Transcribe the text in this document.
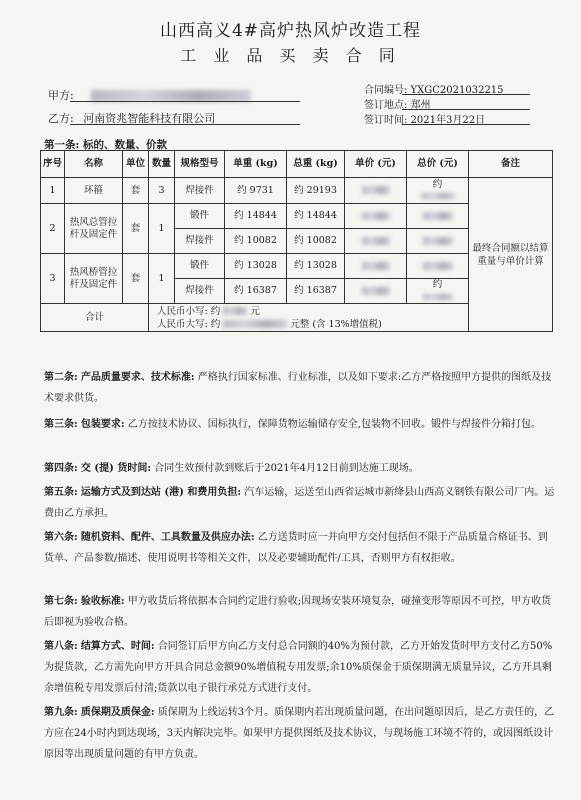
山西高义4#高炉热风炉改造工程
工 业 品 买 卖 合 同
甲方:
乙方: 河南资兆智能科技有限公司
合同编号: YXGC2021032215
签订地点: 郑州
签订时间: 2021年3月22日
第一条: 标的、数量、价款
序号	名称	单位	数量	规格型号	单重 (kg)	总重 (kg)	单价 (元)	总价 (元)	备注
1	环箍	套	3	焊接件	约 9731	约 29193		约	最终合同额以结算重量与单价计算
2	热风总管拉杆及固定件	套	1	锻件	约 14844	约 14844			
				焊接件	约 10082	约 10082			
3	热风桥管拉杆及固定件	套	1	锻件	约 13028	约 13028			
				焊接件	约 16387	约 16387		约	

合计			人民币小写: 约 元
人民币大写: 约 元整 (含 13%增值税)						
第二条: 产品质量要求、技术标准: 严格执行国家标准、行业标准，以及如下要求:乙方严格按照甲方提供的图纸及技术要求供货。
第三条: 包装要求: 乙方按技术协议、国标执行，保障货物运输储存安全,包装物不回收。锻件与焊接件分箱打包。
第四条: 交 (提) 货时间: 合同生效预付款到账后于2021年4月12日前到达施工现场。
第五条: 运输方式及到达站 (港) 和费用负担: 汽车运输，运送至山西省运城市新绛县山西高义钢铁有限公司厂内。运费由乙方承担。
第六条: 随机资料、配件、工具数量及供应办法: 乙方送货时应一并向甲方交付包括但不限于产品质量合格证书、到货单、产品参数/描述、使用说明书等相关文件，以及必要辅助配件/工具，否则甲方有权拒收。
第七条: 验收标准: 甲方收货后将依据本合同约定进行验收;因现场安装环境复杂，碰撞变形等原因不可控，甲方收货后即视为验收合格。
第八条: 结算方式、时间: 合同签订后甲方向乙方支付总合同额的40%为预付款，乙方开始发货时甲方支付乙方50%为提货款，乙方需先向甲方开具合同总金额90%增值税专用发票;余10%质保金于质保期满无质量异议，乙方开具剩余增值税专用发票后付清;货款以电子银行承兑方式进行支付。
第九条: 质保期及质保金: 质保期为上线运转3个月。质保期内若出现质量问题，在出问题原因后，是乙方责任的，乙方应在24小时内到达现场，3天内解决完毕。如果甲方提供图纸及技术协议，与现场施工环境不符的，或因图纸设计原因等出现质量问题的有甲方负责。
